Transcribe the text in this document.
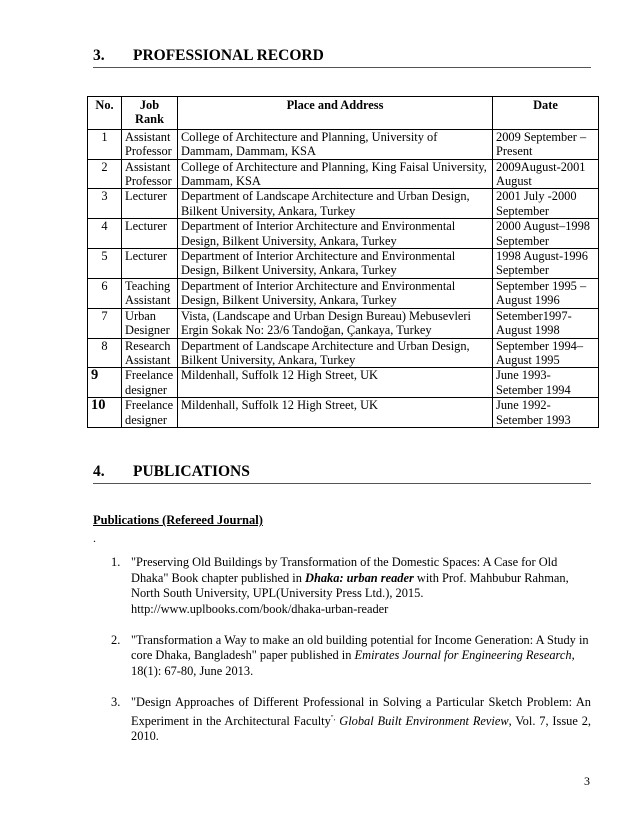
3.	PROFESSIONAL RECORD
No.	Job Rank	Place and Address	Date
1	Assistant Professor	College of Architecture and Planning, University of Dammam, Dammam, KSA	2009 September – Present
2	Assistant Professor	College of Architecture and Planning, King Faisal University, Dammam, KSA	2009August-2001 August
3	Lecturer	Department of Landscape Architecture and Urban Design, Bilkent University, Ankara, Turkey	2001 July -2000 September
4	Lecturer	Department of Interior Architecture and Environmental Design, Bilkent University, Ankara, Turkey	2000 August–1998 September
5	Lecturer	Department of Interior Architecture and Environmental Design, Bilkent University, Ankara, Turkey	1998 August-1996 September
6	Teaching Assistant	Department of Interior Architecture and Environmental Design, Bilkent University, Ankara, Turkey	September 1995 – August 1996
7	Urban Designer	Vista, (Landscape and Urban Design Bureau) Mebusevleri Ergin Sokak No: 23/6 Tandoğan, Çankaya, Turkey	Setember1997-August 1998
8	Research Assistant	Department of Landscape Architecture and Urban Design, Bilkent University, Ankara, Turkey	September 1994– August 1995
9	Freelance designer	Mildenhall, Suffolk 12 High Street, UK	June 1993-Setember 1994
10	Freelance designer	Mildenhall, Suffolk 12 High Street, UK	June 1992-Setember 1993
4.	PUBLICATIONS
Publications (Refereed Journal)
.
1. "Preserving Old Buildings by Transformation of the Domestic Spaces: A Case for Old Dhaka" Book chapter published in Dhaka: urban reader with Prof. Mahbubur Rahman, North South University, UPL(University Press Ltd.), 2015.
http://www.uplbooks.com/book/dhaka-urban-reader
2. "Transformation a Way to make an old building potential for Income Generation: A Study in core Dhaka, Bangladesh" paper published in Emirates Journal for Engineering Research, 18(1): 67-80, June 2013.
3. "Design Approaches of Different Professional in Solving a Particular Sketch Problem: An Experiment in the Architectural Faculty", Global Built Environment Review, Vol. 7, Issue 2, 2010.
3
